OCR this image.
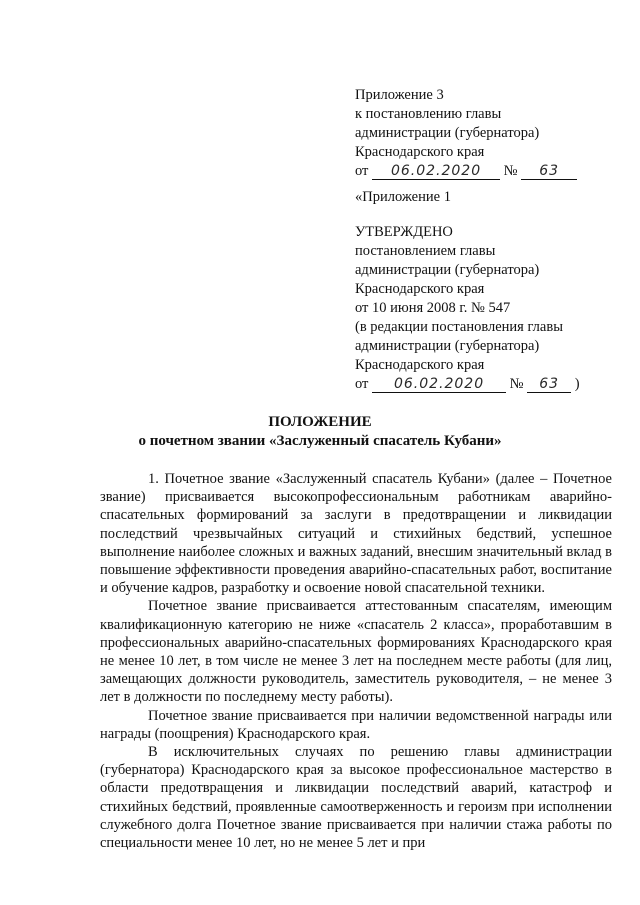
Приложение 3
к постановлению главы
администрации (губернатора)
Краснодарского края
от 06.02.2020 № 63
«Приложение 1
УТВЕРЖДЕНО
постановлением главы
администрации (губернатора)
Краснодарского края
от 10 июня 2008 г. № 547
(в редакции постановления главы
администрации (губернатора)
Краснодарского края
от 06.02.2020 № 63 )
ПОЛОЖЕНИЕ
о почетном звании «Заслуженный спасатель Кубани»

1. Почетное звание «Заслуженный спасатель Кубани» (далее – Почетное звание) присваивается высокопрофессиональным работникам аварийно-спасательных формирований за заслуги в предотвращении и ликвидации последствий чрезвычайных ситуаций и стихийных бедствий, успешное выполнение наиболее сложных и важных заданий, внесшим значительный вклад в повышение эффективности проведения аварийно-спасательных работ, воспитание и обучение кадров, разработку и освоение новой спасательной техники.

Почетное звание присваивается аттестованным спасателям, имеющим квалификационную категорию не ниже «спасатель 2 класса», проработавшим в профессиональных аварийно-спасательных формированиях Краснодарского края не менее 10 лет, в том числе не менее 3 лет на последнем месте работы (для лиц, замещающих должности руководитель, заместитель руководителя, – не менее 3 лет в должности по последнему месту работы).

Почетное звание присваивается при наличии ведомственной награды или награды (поощрения) Краснодарского края.

В исключительных случаях по решению главы администрации (губернатора) Краснодарского края за высокое профессиональное мастерство в области предотвращения и ликвидации последствий аварий, катастроф и стихийных бедствий, проявленные самоотверженность и героизм при исполнении служебного долга Почетное звание присваивается при наличии стажа работы по специальности менее 10 лет, но не менее 5 лет и при
